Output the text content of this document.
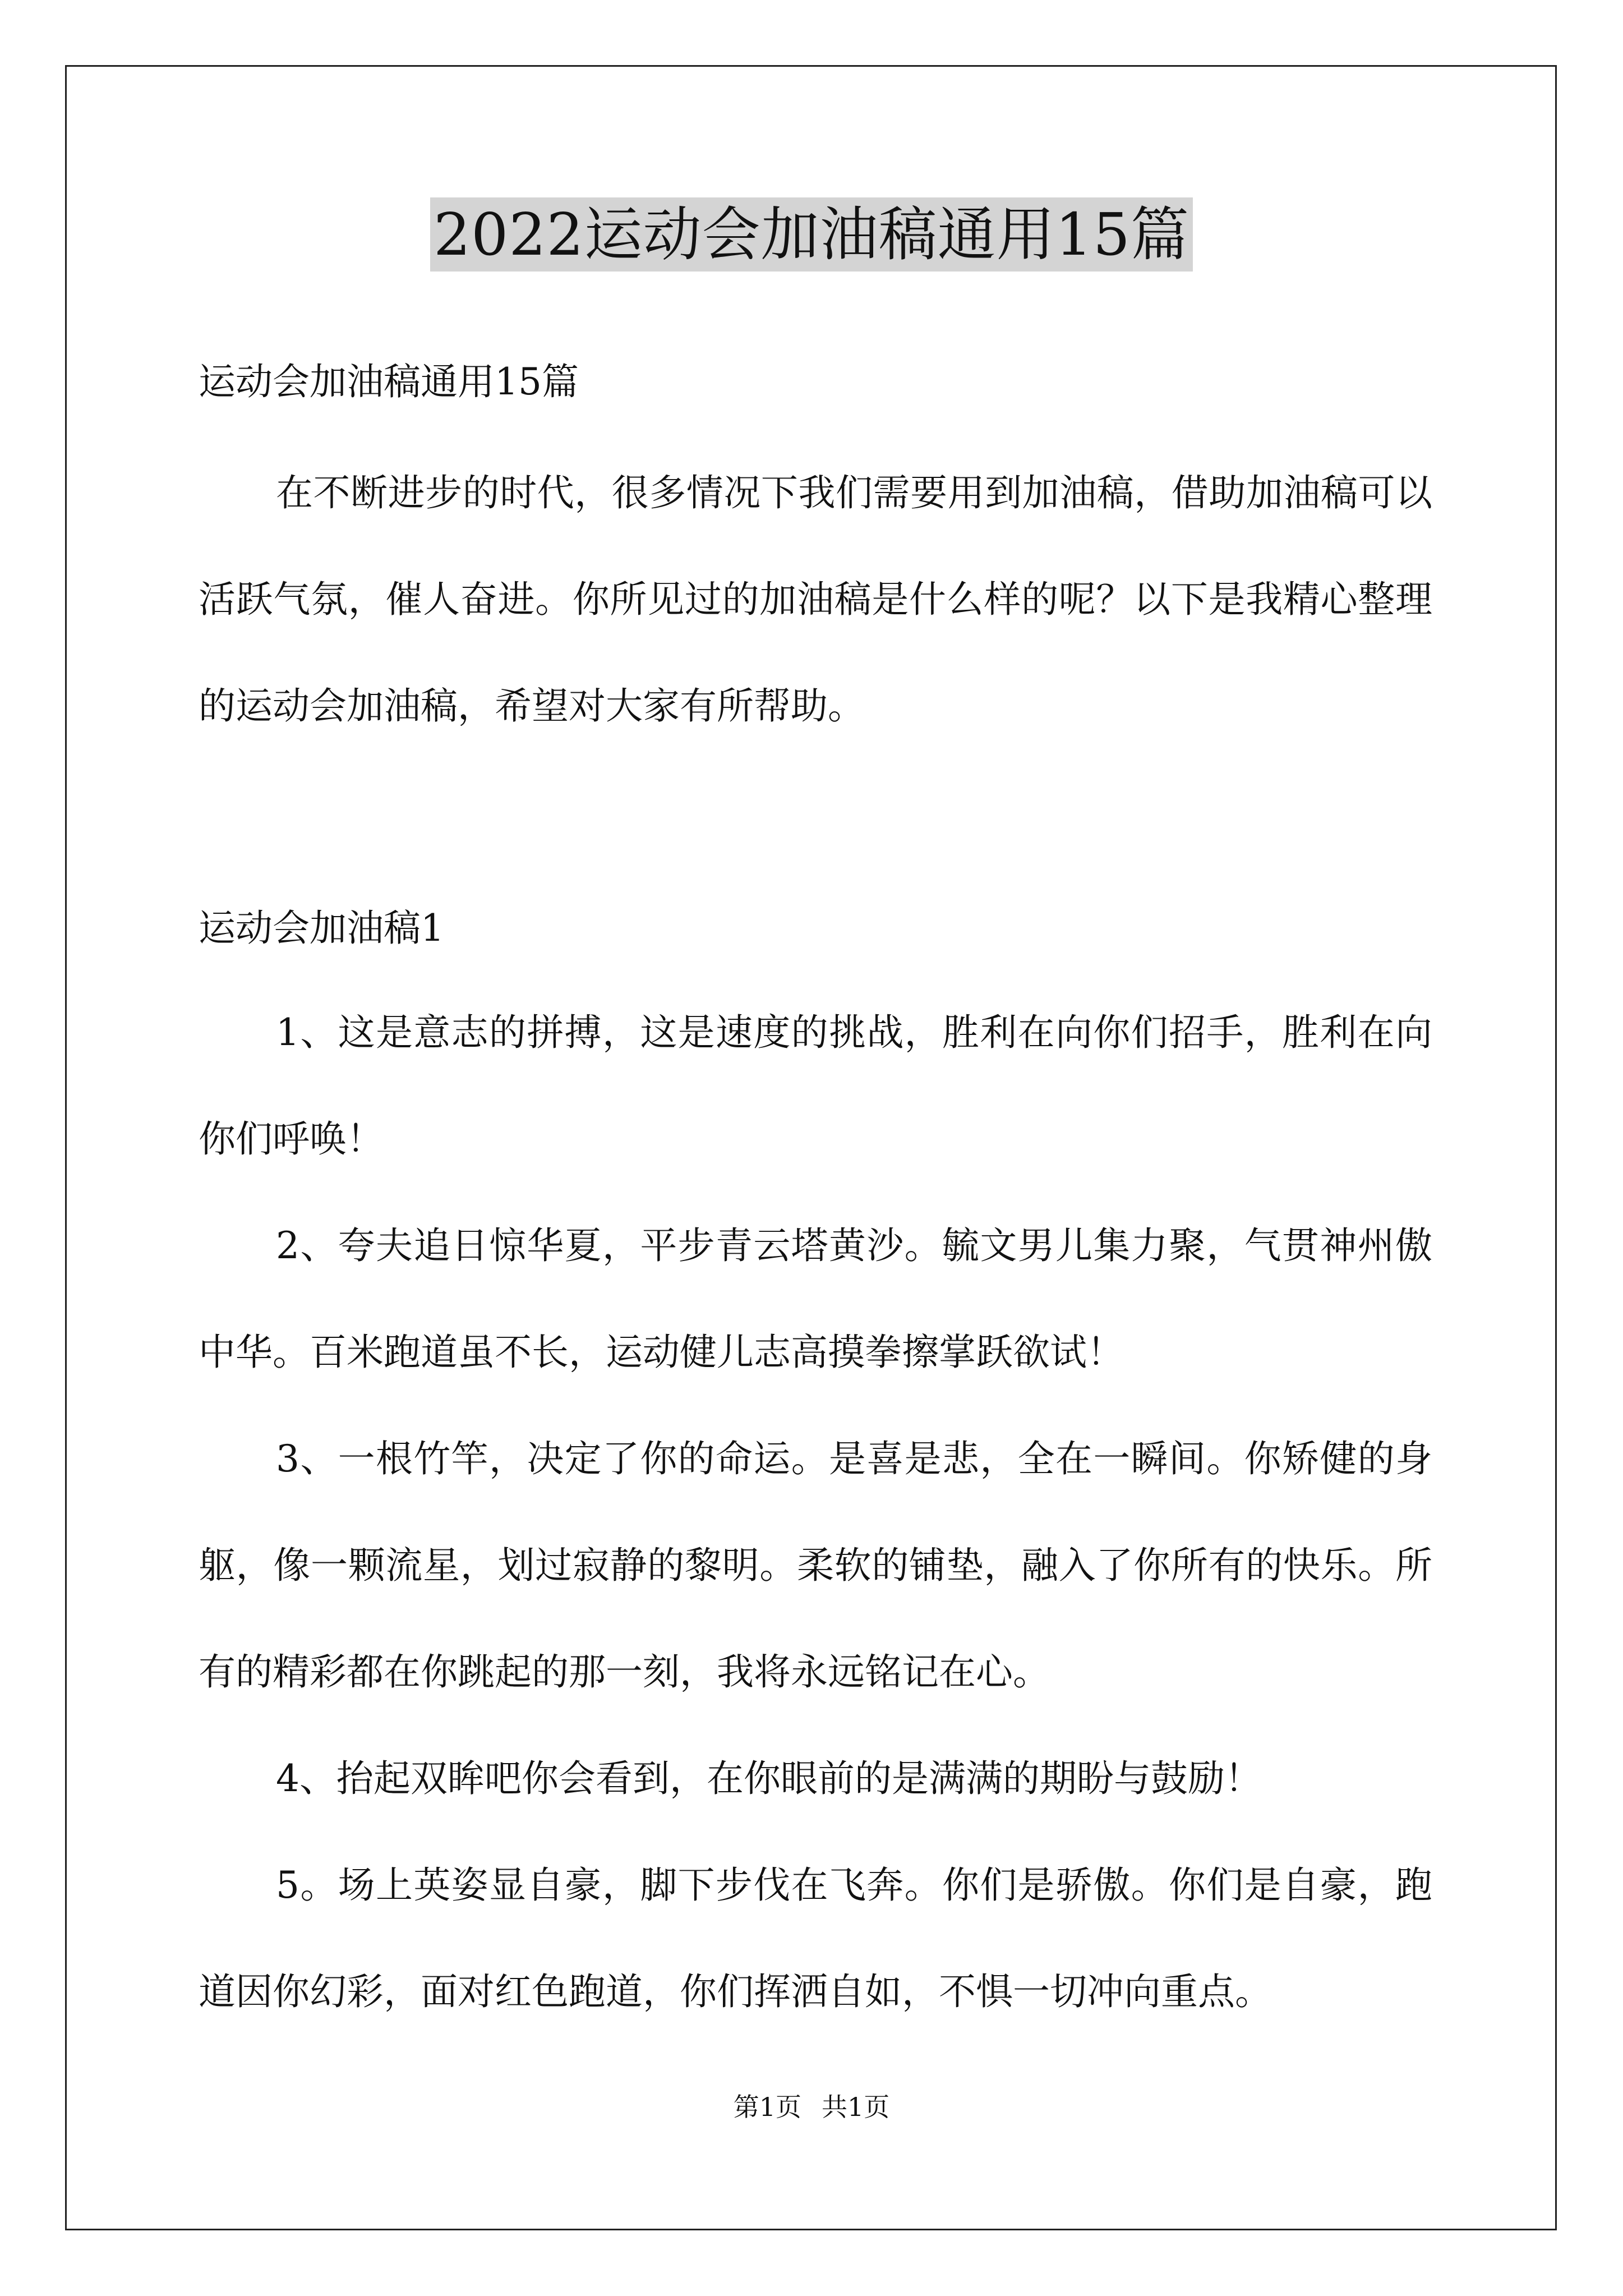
2022运动会加油稿通用15篇
运动会加油稿通用15篇

在不断进步的时代，很多情况下我们需要用到加油稿，借助加油稿可以活跃气氛，催人奋进。你所见过的加油稿是什么样的呢？以下是我精心整理的运动会加油稿，希望对大家有所帮助。

运动会加油稿1

1、这是意志的拼搏，这是速度的挑战，胜利在向你们招手，胜利在向你们呼唤！

2、夸夫追日惊华夏，平步青云塔黄沙。毓文男儿集力聚，气贯神州傲中华。百米跑道虽不长，运动健儿志高摸拳擦掌跃欲试！

3、一根竹竿，决定了你的命运。是喜是悲，全在一瞬间。你矫健的身躯，像一颗流星，划过寂静的黎明。柔软的铺垫，融入了你所有的快乐。所有的精彩都在你跳起的那一刻，我将永远铭记在心。

4、抬起双眸吧你会看到，在你眼前的是满满的期盼与鼓励！

5。场上英姿显自豪，脚下步伐在飞奔。你们是骄傲。你们是自豪，跑道因你幻彩，面对红色跑道，你们挥洒自如，不惧一切冲向重点。

第1页 共1页
